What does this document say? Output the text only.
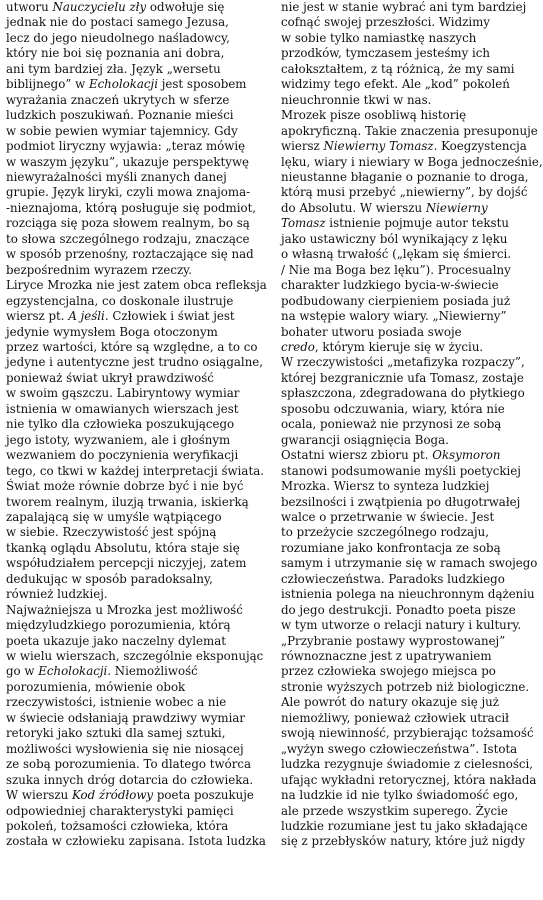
utworu Nauczycielu zły odwołuje się
jednak nie do postaci samego Jezusa,
lecz do jego nieudolnego naśladowcy,
który nie boi się poznania ani dobra,
ani tym bardziej zła. Język „wersetu
biblijnego” w Echolokacji jest sposobem
wyrażania znaczeń ukrytych w sferze
ludzkich poszukiwań. Poznanie mieści
w sobie pewien wymiar tajemnicy. Gdy
podmiot liryczny wyjawia: „teraz mówię
w waszym języku”, ukazuje perspektywę
niewyrażalności myśli znanych danej
grupie. Język liryki, czyli mowa znajoma-
-nieznajoma, którą posługuje się podmiot,
rozciąga się poza słowem realnym, bo są
to słowa szczególnego rodzaju, znaczące
w sposób przenośny, roztaczające się nad
bezpośrednim wyrazem rzeczy.

Liryce Mrozka nie jest zatem obca refleksja
egzystencjalna, co doskonale ilustruje
wiersz pt. A jeśli. Człowiek i świat jest
jedynie wymysłem Boga otoczonym
przez wartości, które są względne, a to co
jedyne i autentyczne jest trudno osiągalne,
ponieważ świat ukrył prawdziwość
w swoim gąszczu. Labiryntowy wymiar
istnienia w omawianych wierszach jest
nie tylko dla człowieka poszukującego
jego istoty, wyzwaniem, ale i głośnym
wezwaniem do poczynienia weryfikacji
tego, co tkwi w każdej interpretacji świata.
Świat może równie dobrze być i nie być
tworem realnym, iluzją trwania, iskierką
zapalającą się w umyśle wątpiącego
w siebie. Rzeczywistość jest spójną
tkanką oglądu Absolutu, która staje się
współudziałem percepcji niczyjej, zatem
dedukując w sposób paradoksalny,
również ludzkiej.

Najważniejsza u Mrozka jest możliwość
międzyludzkiego porozumienia, którą
poeta ukazuje jako naczelny dylemat
w wielu wierszach, szczególnie eksponując
go w Echolokacji. Niemożliwość
porozumienia, mówienie obok
rzeczywistości, istnienie wobec a nie
w świecie odsłaniają prawdziwy wymiar
retoryki jako sztuki dla samej sztuki,
możliwości wysłowienia się nie niosącej
ze sobą porozumienia. To dlatego twórca
szuka innych dróg dotarcia do człowieka.

W wierszu Kod źródłowy poeta poszukuje
odpowiedniej charakterystyki pamięci
pokoleń, tożsamości człowieka, która
została w człowieku zapisana. Istota ludzka

nie jest w stanie wybrać ani tym bardziej
cofnąć swojej przeszłości. Widzimy
w sobie tylko namiastkę naszych
przodków, tymczasem jesteśmy ich
całokształtem, z tą różnicą, że my sami
widzimy tego efekt. Ale „kod” pokoleń
nieuchronnie tkwi w nas.

Mrozek pisze osobliwą historię
apokryficzną. Takie znaczenia presuponuje
wiersz Niewierny Tomasz. Koegzystencja
lęku, wiary i niewiary w Boga jednocześnie,
nieustanne błaganie o poznanie to droga,
którą musi przebyć „niewierny”, by dojść
do Absolutu. W wierszu Niewierny
Tomasz istnienie pojmuje autor tekstu
jako ustawiczny ból wynikający z lęku
o własną trwałość („lękam się śmierci.
/ Nie ma Boga bez lęku”). Procesualny
charakter ludzkiego bycia-w-świecie
podbudowany cierpieniem posiada już
na wstępie walory wiary. „Niewierny”
bohater utworu posiada swoje
credo, którym kieruje się w życiu.

W rzeczywistości „metafizyka rozpaczy”,
której bezgranicznie ufa Tomasz, zostaje
spłaszczona, zdegradowana do płytkiego
sposobu odczuwania, wiary, która nie
ocala, ponieważ nie przynosi ze sobą
gwarancji osiągnięcia Boga.

Ostatni wiersz zbioru pt. Oksymoron
stanowi podsumowanie myśli poetyckiej
Mrozka. Wiersz to synteza ludzkiej
bezsilności i zwątpienia po długotrwałej
walce o przetrwanie w świecie. Jest
to przeżycie szczególnego rodzaju,
rozumiane jako konfrontacja ze sobą
samym i utrzymanie się w ramach swojego
człowieczeństwa. Paradoks ludzkiego
istnienia polega na nieuchronnym dążeniu
do jego destrukcji. Ponadto poeta pisze
w tym utworze o relacji natury i kultury.
„Przybranie postawy wyprostowanej”
równoznaczne jest z upatrywaniem
przez człowieka swojego miejsca po
stronie wyższych potrzeb niż biologiczne.
Ale powrót do natury okazuje się już
niemożliwy, ponieważ człowiek utracił
swoją niewinność, przybierając tożsamość
„wyżyn swego człowieczeństwa”. Istota
ludzka rezygnuje świadomie z cielesności,
ufając wykładni retorycznej, która nakłada
na ludzkie id nie tylko świadomość ego,
ale przede wszystkim superego. Życie
ludzkie rozumiane jest tu jako składające
się z przebłysków natury, które już nigdy
